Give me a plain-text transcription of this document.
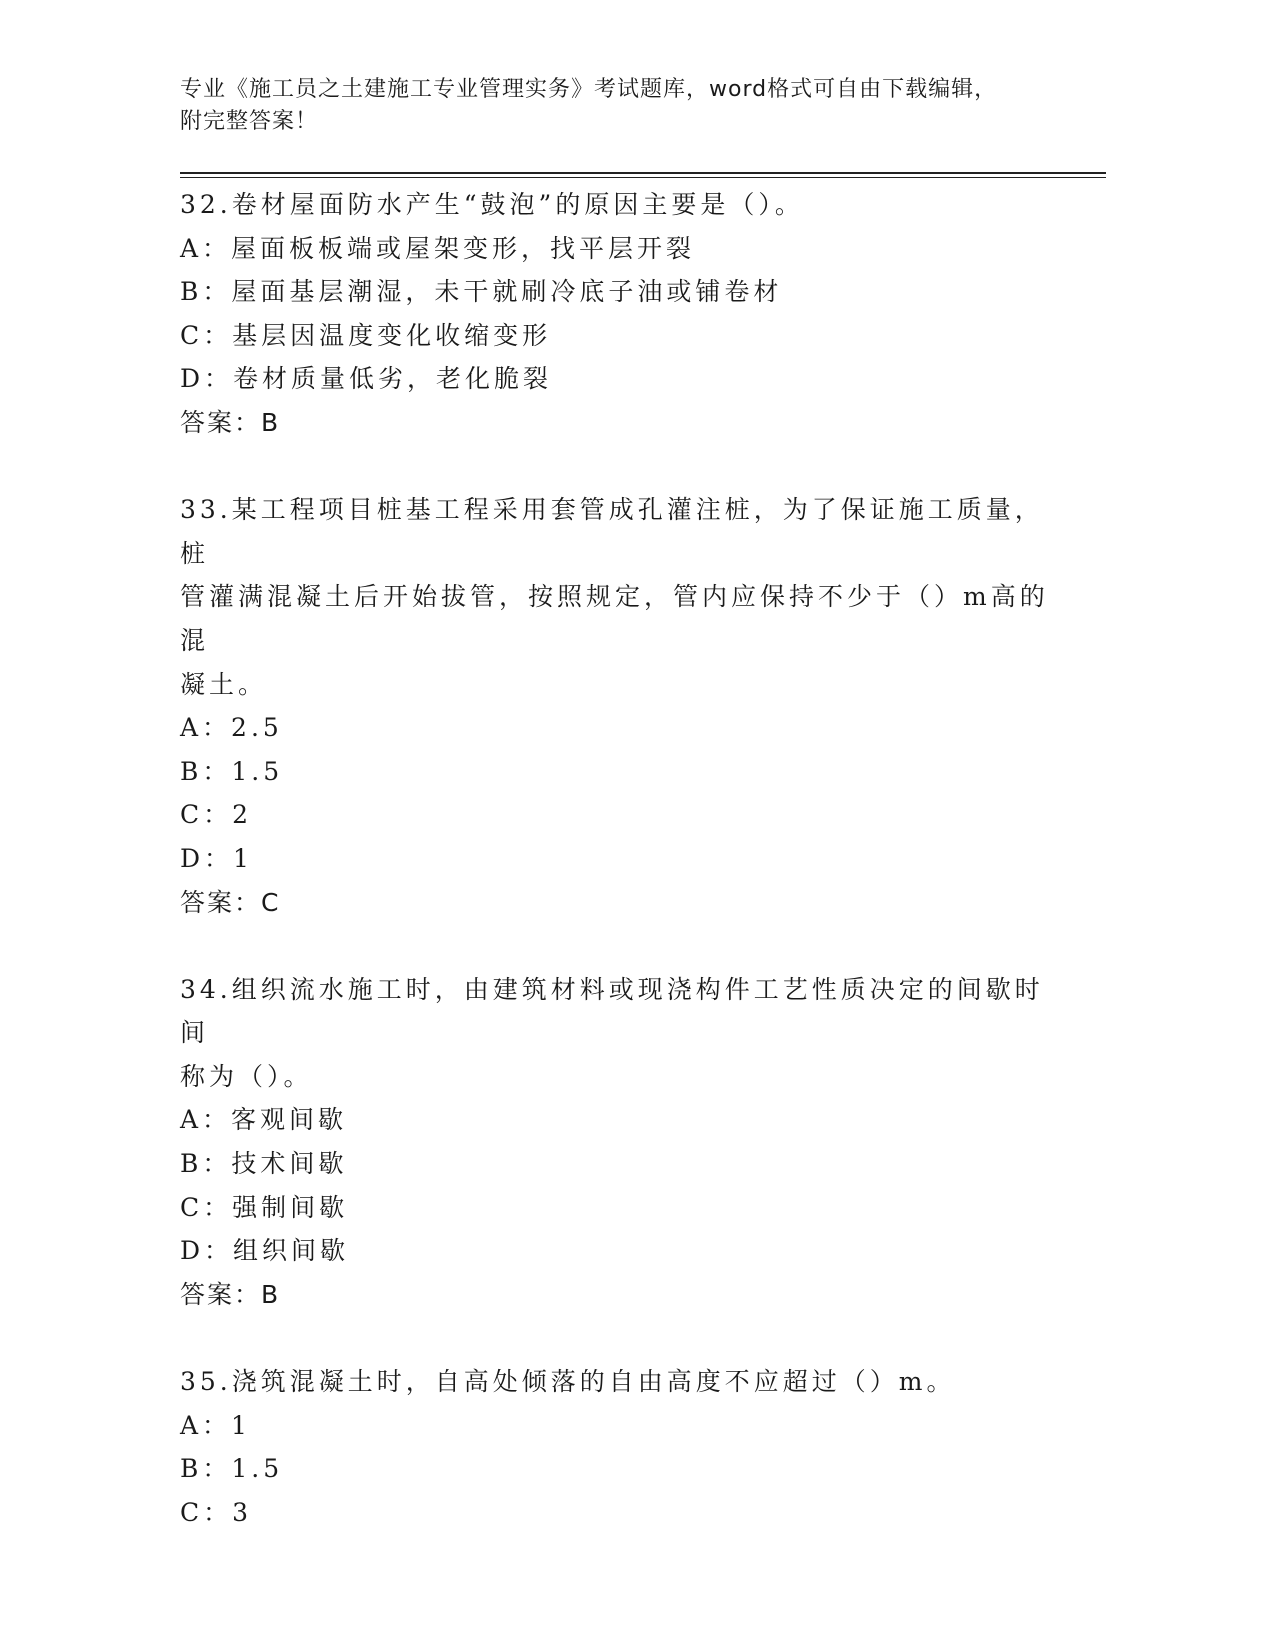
专业《施工员之土建施工专业管理实务》考试题库，word格式可自由下载编辑，
附完整答案！
32.卷材屋面防水产生“鼓泡”的原因主要是（）。
A：屋面板板端或屋架变形，找平层开裂
B：屋面基层潮湿，未干就刷冷底子油或铺卷材
C：基层因温度变化收缩变形
D：卷材质量低劣，老化脆裂
答案：B
33.某工程项目桩基工程采用套管成孔灌注桩，为了保证施工质量，桩
管灌满混凝土后开始拔管，按照规定，管内应保持不少于（）m高的混
凝土。
A：2.5
B：1.5
C：2
D：1
答案：C
34.组织流水施工时，由建筑材料或现浇构件工艺性质决定的间歇时间
称为（）。
A：客观间歇
B：技术间歇
C：强制间歇
D：组织间歇
答案：B
35.浇筑混凝土时，自高处倾落的自由高度不应超过（）m。
A：1
B：1.5
C：3
